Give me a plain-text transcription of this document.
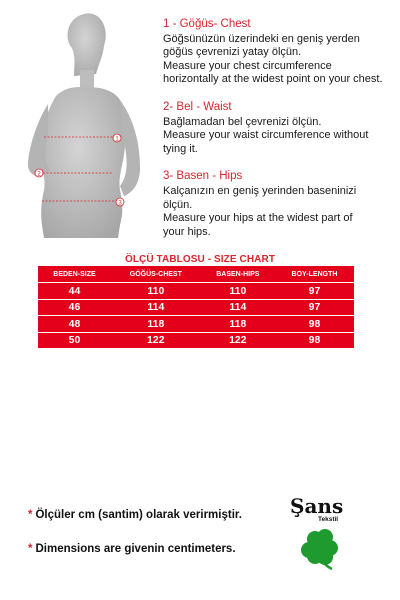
1
2
3
1 - Göğüs- Chest
Göğsünüzün üzerindeki en geniş yerden
göğüs çevrenizi yatay ölçün.
Measure your chest circumference
horizontally at the widest point on your chest.
2- Bel - Waist
Bağlamadan bel çevrenizi ölçün.
Measure your waist circumference without
tying it.
3- Basen - Hips
Kalçanızın en geniş yerinden baseninizi
ölçün.
Measure your hips at the widest part of
your hips.
ÖLÇÜ TABLOSU - SIZE CHART
BEDEN-SIZE	GÖĞÜS-CHEST	BASEN-HIPS	BOY-LENGTH
44	110	110	97
46	114	114	97
48	118	118	98
50	122	122	98
* Ölçüler cm (santim) olarak verirmiştir.
* Dimensions are givenin centimeters.
Şans
Tekstil
